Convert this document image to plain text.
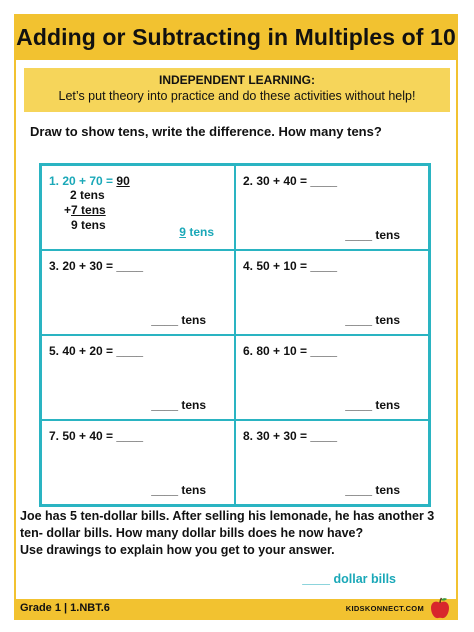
Adding or Subtracting in Multiples of 10
INDEPENDENT LEARNING:
Let’s put theory into practice and do these activities without help!
Draw to show tens, write the difference. How many tens?
1. 20 + 70 = 90
2 tens
+7 tens
9 tens	9 tens
2. 30 + 40 = ____
____ tens
3. 20 + 30 = ____
____ tens
4. 50 + 10 = ____
____ tens
5. 40 + 20 = ____
____ tens
6. 80 + 10 = ____
____ tens
7. 50 + 40 = ____
____ tens
8. 30 + 30 = ____
____ tens
Joe has 5 ten-dollar bills. After selling his lemonade, he has another 3 ten- dollar bills. How many dollar bills does he now have?
Use drawings to explain how you get to your answer.
____ dollar bills
Grade 1 | 1.NBT.6	KIDSKONNECT.COM
